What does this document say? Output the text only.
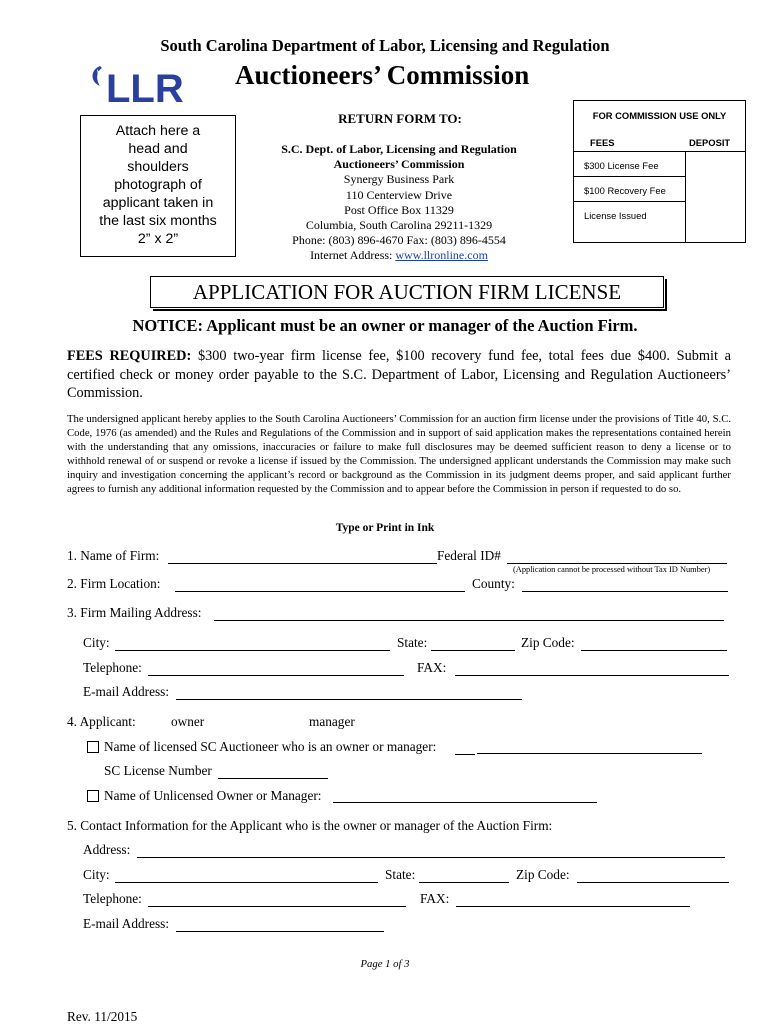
South Carolina Department of Labor, Licensing and Regulation
LLR Auctioneers’ Commission
Attach here a
head and
shoulders
photograph of
applicant taken in
the last six months
2” x 2”
RETURN FORM TO:
S.C. Dept. of Labor, Licensing and Regulation
Auctioneers’ Commission
Synergy Business Park
110 Centerview Drive
Post Office Box 11329
Columbia, South Carolina 29211-1329
Phone: (803) 896-4670 Fax: (803) 896-4554
Internet Address: www.llronline.com
FOR COMMISSION USE ONLY
FEES	DEPOSIT
$300 License Fee
$100 Recovery Fee
License Issued
APPLICATION FOR AUCTION FIRM LICENSE
NOTICE: Applicant must be an owner or manager of the Auction Firm.
FEES REQUIRED: $300 two-year firm license fee, $100 recovery fund fee, total fees due $400. Submit a certified check or money order payable to the S.C. Department of Labor, Licensing and Regulation Auctioneers’ Commission.
The undersigned applicant hereby applies to the South Carolina Auctioneers’ Commission for an auction firm license under the provisions of Title 40, S.C. Code, 1976 (as amended) and the Rules and Regulations of the Commission and in support of said application makes the representations contained herein with the understanding that any omissions, inaccuracies or failure to make full disclosures may be deemed sufficient reason to deny a license or to withhold renewal of or suspend or revoke a license if issued by the Commission. The undersigned applicant understands the Commission may make such inquiry and investigation concerning the applicant’s record or background as the Commission in its judgment deems proper, and said applicant further agrees to furnish any additional information requested by the Commission and to appear before the Commission in person if requested to do so.
Type or Print in Ink
1. Name of Firm:	Federal ID#
(Application cannot be processed without Tax ID Number)
2. Firm Location:	County:
3. Firm Mailing Address:
City:	State:	Zip Code:
Telephone:	FAX:
E-mail Address:
4. Applicant:	owner	manager
Name of licensed SC Auctioneer who is an owner or manager:
SC License Number
Name of Unlicensed Owner or Manager:
5. Contact Information for the Applicant who is the owner or manager of the Auction Firm:
Address:
City:	State:	Zip Code:
Telephone:	FAX:
E-mail Address:
Page 1 of 3
Rev. 11/2015
